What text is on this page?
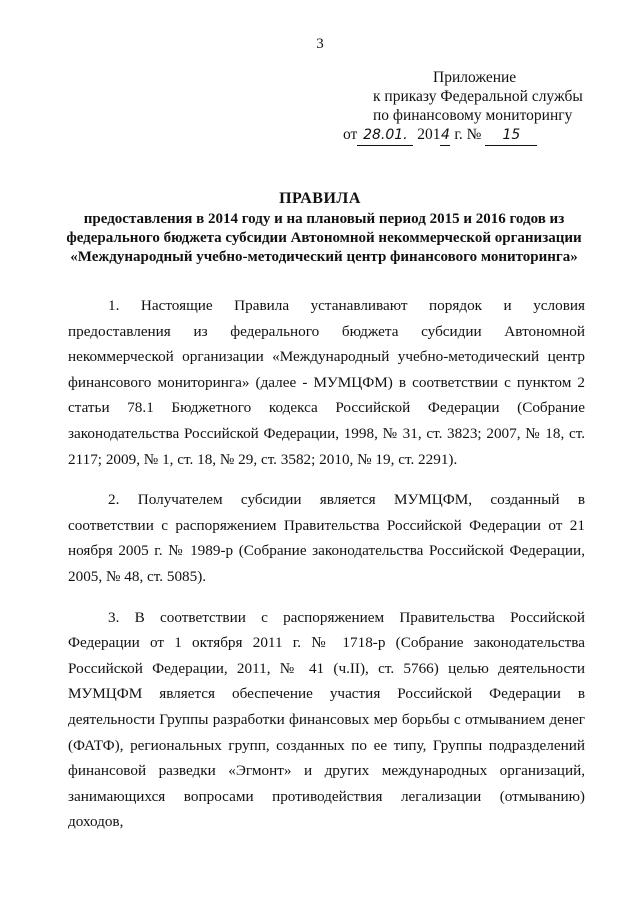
3
Приложение
к приказу Федеральной службы
по финансовому мониторингу
от 28.01. 2014 г. № 15
ПРАВИЛА
предоставления в 2014 году и на плановый период 2015 и 2016 годов из федерального бюджета субсидии Автономной некоммерческой организации «Международный учебно-методический центр финансового мониторинга»

1. Настоящие Правила устанавливают порядок и условия предоставления из федерального бюджета субсидии Автономной некоммерческой организации «Международный учебно-методический центр финансового мониторинга» (далее - МУМЦФМ) в соответствии с пунктом 2 статьи 78.1 Бюджетного кодекса Российской Федерации (Собрание законодательства Российской Федерации, 1998, № 31, ст. 3823; 2007, № 18, ст. 2117; 2009, № 1, ст. 18, № 29, ст. 3582; 2010, № 19, ст. 2291).

2. Получателем субсидии является МУМЦФМ, созданный в соответствии с распоряжением Правительства Российской Федерации от 21 ноября 2005 г. № 1989-р (Собрание законодательства Российской Федерации, 2005, № 48, ст. 5085).

3. В соответствии с распоряжением Правительства Российской Федерации от 1 октября 2011 г. № 1718-р (Собрание законодательства Российской Федерации, 2011, № 41 (ч.II), ст. 5766) целью деятельности МУМЦФМ является обеспечение участия Российской Федерации в деятельности Группы разработки финансовых мер борьбы с отмыванием денег (ФАТФ), региональных групп, созданных по ее типу, Группы подразделений финансовой разведки «Эгмонт» и других международных организаций, занимающихся вопросами противодействия легализации (отмыванию) доходов,
